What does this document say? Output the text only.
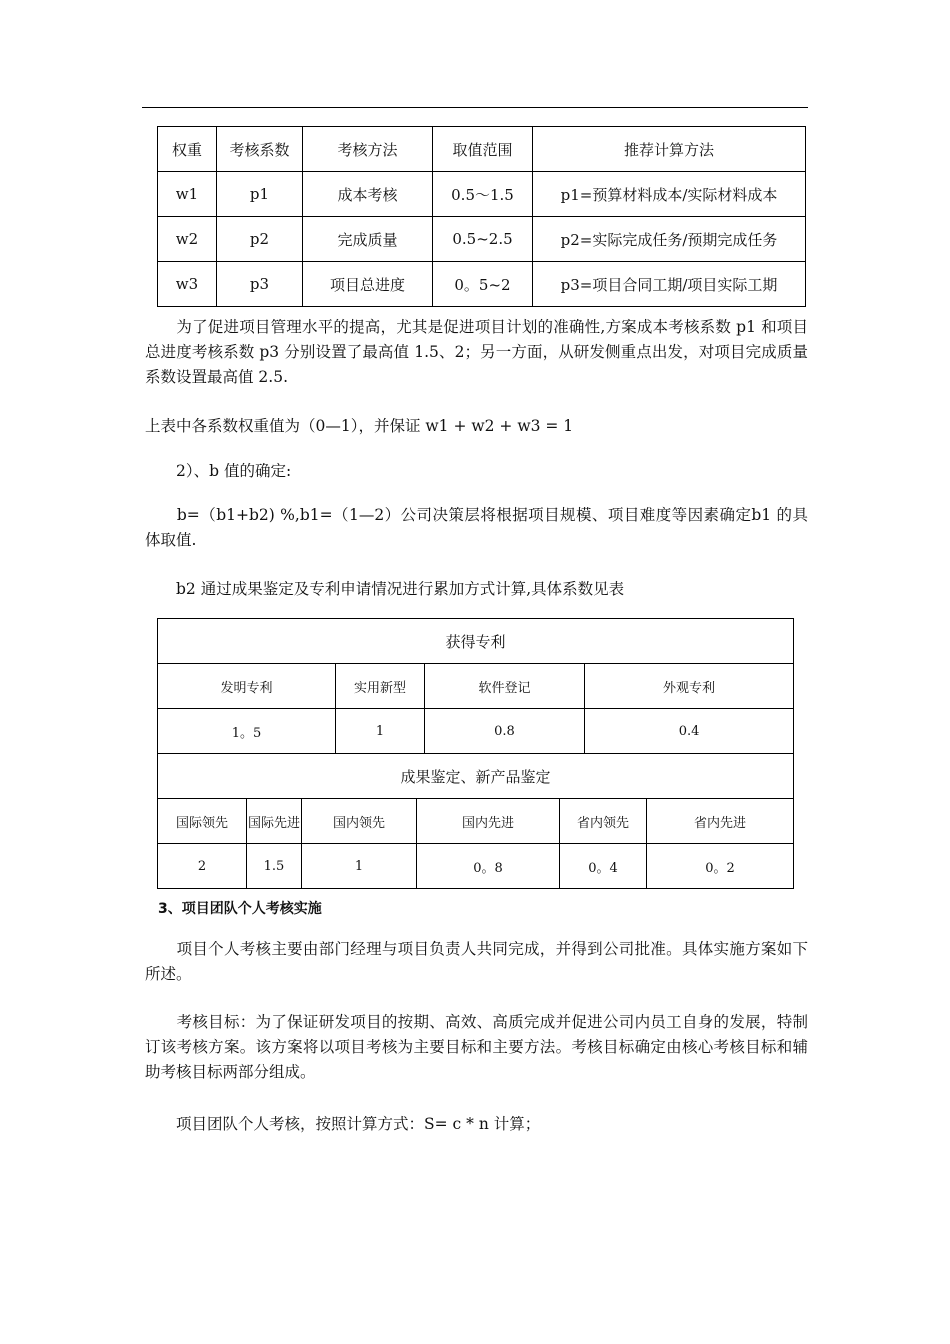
权重	考核系数	考核方法	取值范围	推荐计算方法
w1	p1	成本考核	0.5～1.5	p1=预算材料成本/实际材料成本
w2	p2	完成质量	0.5~2.5	p2=实际完成任务/预期完成任务
w3	p3	项目总进度	0。5~2	p3=项目合同工期/项目实际工期

　　为了促进项目管理水平的提高，尤其是促进项目计划的准确性,方案成本考核系数 p1 和项目总进度考核系数 p3 分别设置了最高值 1.5、2；另一方面，从研发侧重点出发，对项目完成质量系数设置最高值 2.5.

上表中各系数权重值为（0—1），并保证 w1 + w2 + w3 = 1

　　2）、b 值的确定:

　　b=（b1+b2) %,b1=（1—2）公司决策层将根据项目规模、项目难度等因素确定b1 的具体取值.

　　b2 通过成果鉴定及专利申请情况进行累加方式计算,具体系数见表

获得专利								
发明专利			实用新型		软件登记		外观专利	
1。5			1		0.8		0.4	
成果鉴定、新产品鉴定								
国际领先	国际先进	国内领先		国内先进		省内领先		省内先进
2	1.5	1		0。8		0。4		0。2

3、项目团队个人考核实施

　　项目个人考核主要由部门经理与项目负责人共同完成，并得到公司批准。具体实施方案如下所述。

　　考核目标：为了保证研发项目的按期、高效、高质完成并促进公司内员工自身的发展，特制订该考核方案。该方案将以项目考核为主要目标和主要方法。考核目标确定由核心考核目标和辅助考核目标两部分组成。

　　项目团队个人考核，按照计算方式：S= c * n 计算；
